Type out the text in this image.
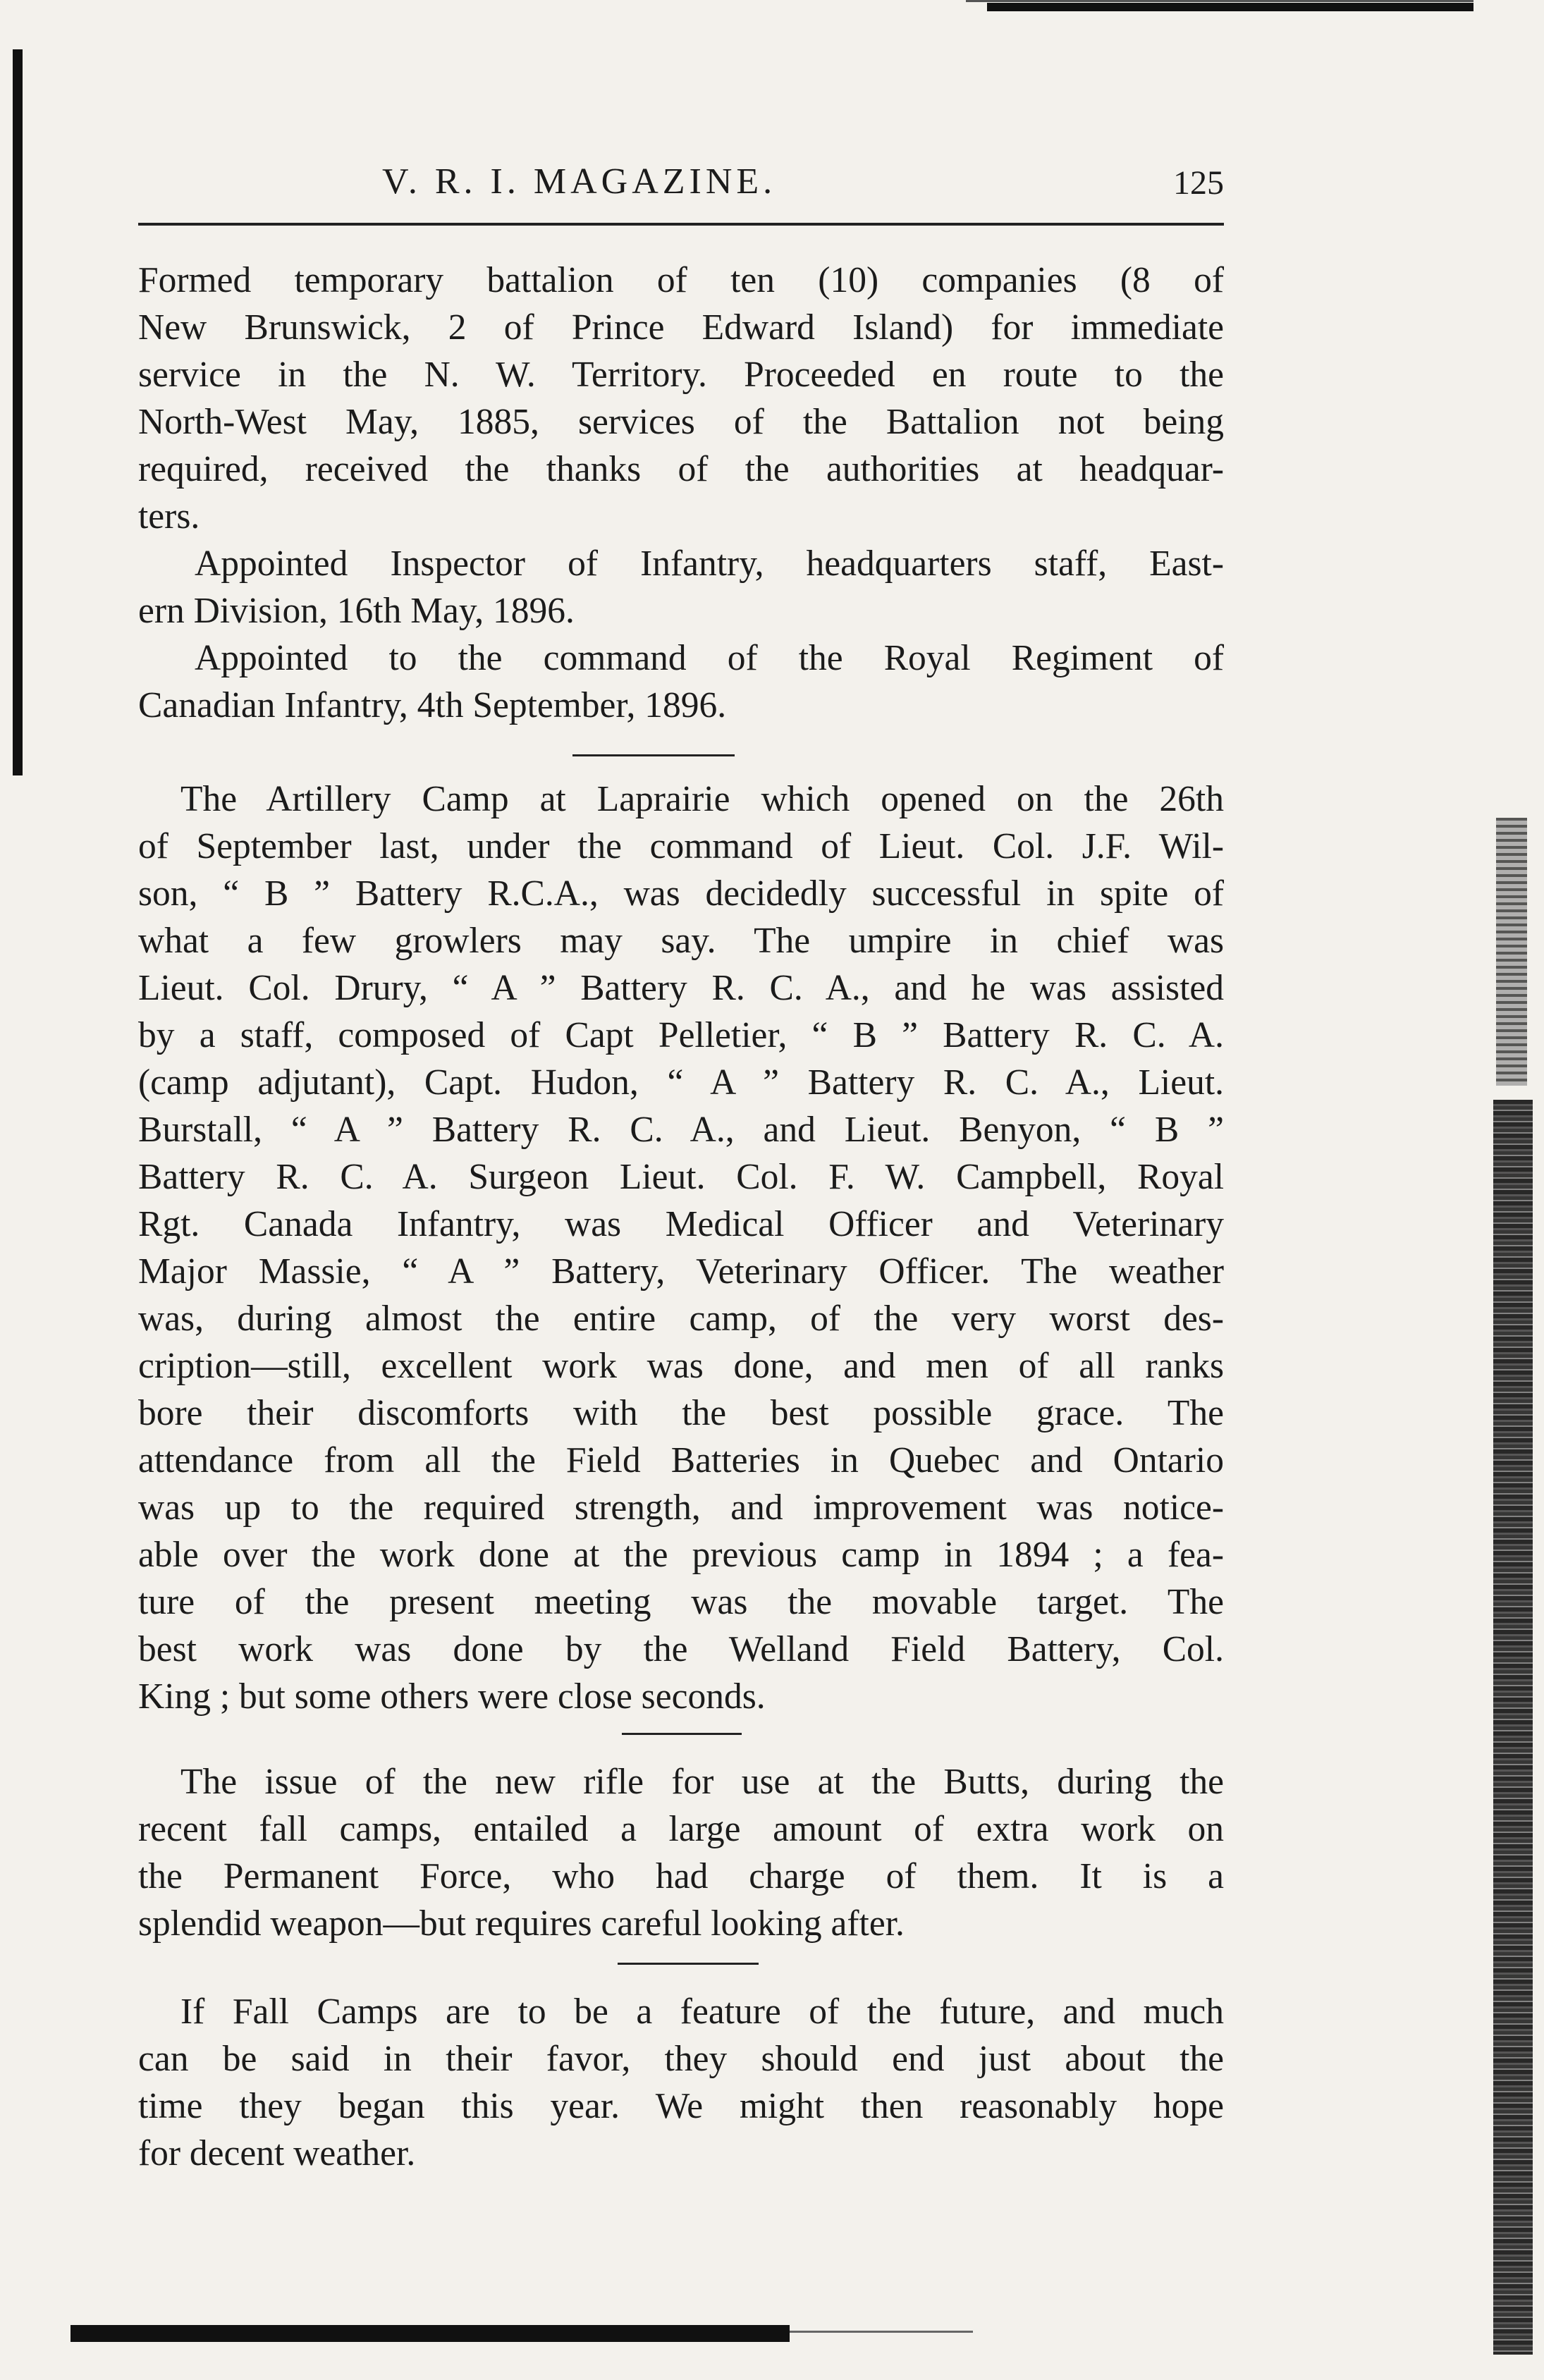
V. R. I. MAGAZINE.	125
Formed temporary battalion of ten (10) companies (8 of
New Brunswick, 2 of Prince Edward Island) for immediate
service in the N. W. Territory. Proceeded en route to the
North-West May, 1885, services of the Battalion not being
required, received the thanks of the authorities at headquar-
ters.
Appointed Inspector of Infantry, headquarters staff, East-
ern Division, 16th May, 1896.
Appointed to the command of the Royal Regiment of
Canadian Infantry, 4th September, 1896.
The Artillery Camp at Laprairie which opened on the 26th
of September last, under the command of Lieut. Col. J.F. Wil-
son, “ B ” Battery R.C.A., was decidedly successful in spite of
what a few growlers may say. The umpire in chief was
Lieut. Col. Drury, “ A ” Battery R. C. A., and he was assisted
by a staff, composed of Capt Pelletier, “ B ” Battery R. C. A.
(camp adjutant), Capt. Hudon, “ A ” Battery R. C. A., Lieut.
Burstall, “ A ” Battery R. C. A., and Lieut. Benyon, “ B ”
Battery R. C. A. Surgeon Lieut. Col. F. W. Campbell, Royal
Rgt. Canada Infantry, was Medical Officer and Veterinary
Major Massie, “ A ” Battery, Veterinary Officer. The weather
was, during almost the entire camp, of the very worst des-
cription—still, excellent work was done, and men of all ranks
bore their discomforts with the best possible grace. The
attendance from all the Field Batteries in Quebec and Ontario
was up to the required strength, and improvement was notice-
able over the work done at the previous camp in 1894 ; a fea-
ture of the present meeting was the movable target. The
best work was done by the Welland Field Battery, Col.
King ; but some others were close seconds.
The issue of the new rifle for use at the Butts, during the
recent fall camps, entailed a large amount of extra work on
the Permanent Force, who had charge of them. It is a
splendid weapon—but requires careful looking after.
If Fall Camps are to be a feature of the future, and much
can be said in their favor, they should end just about the
time they began this year. We might then reasonably hope
for decent weather.
